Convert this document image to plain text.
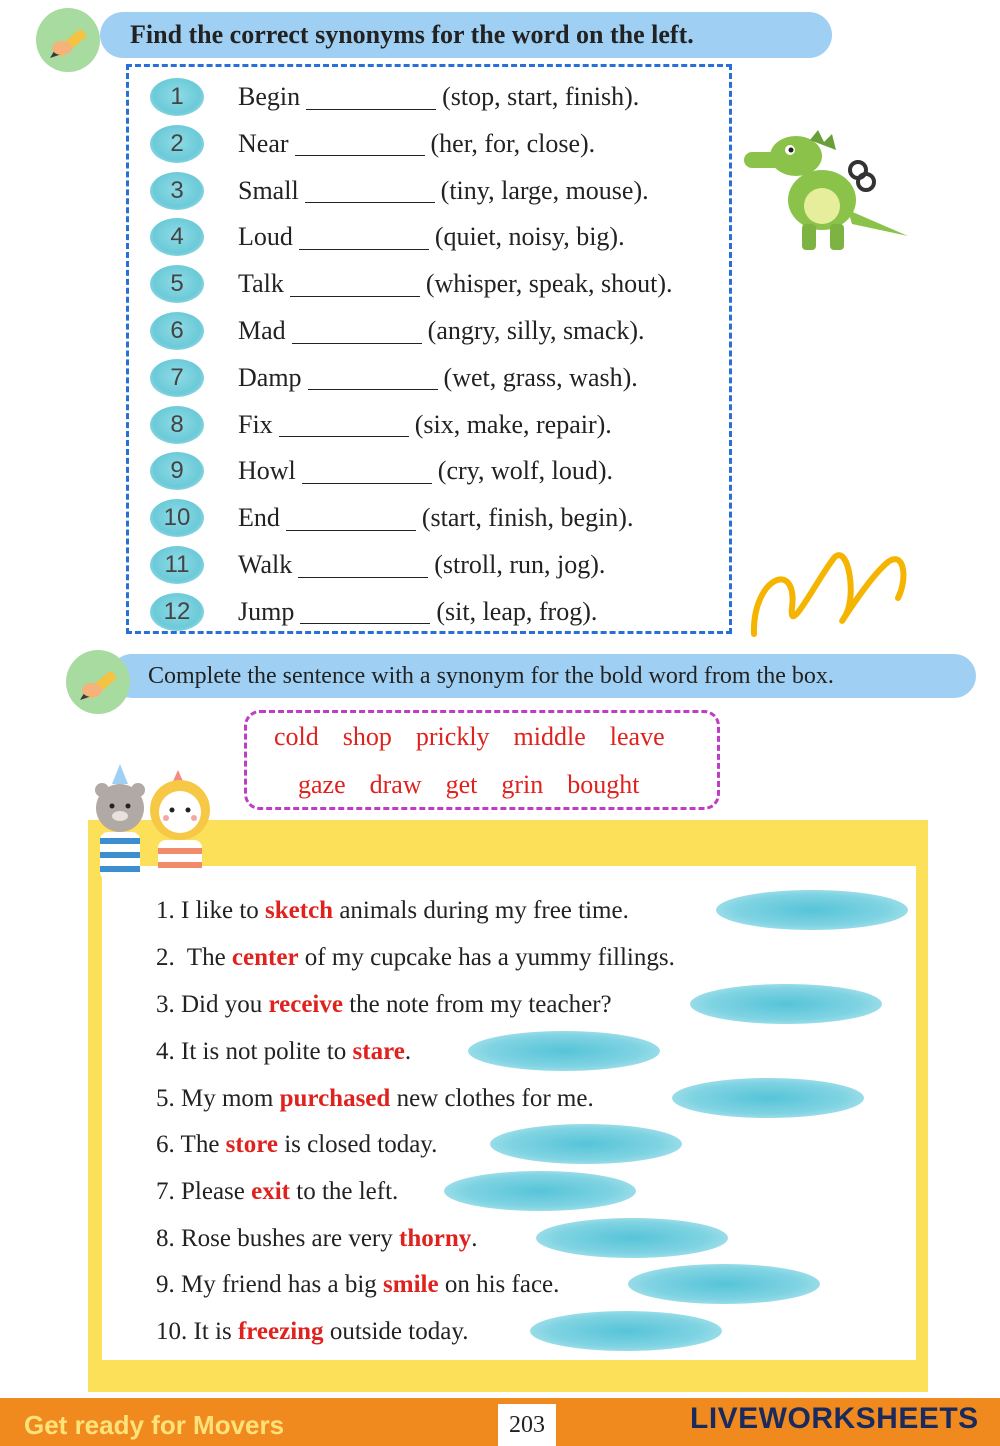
Find the correct synonyms for the word on the left.
1	Begin	(stop, start, finish).
2	Near	(her, for, close).
3	Small	(tiny, large, mouse).
4	Loud	(quiet, noisy, big).
5	Talk	(whisper, speak, shout).
6	Mad	(angry, silly, smack).
7	Damp	(wet, grass, wash).
8	Fix	(six, make, repair).
9	Howl	(cry, wolf, loud).
10	End	(start, finish, begin).
11	Walk	(stroll, run, jog).
12	Jump	(sit, leap, frog).
Complete the sentence with a synonym for the bold word from the box.
cold shop prickly middle leave
gaze draw get grin bought
1. I like to sketch animals during my free time.
2.  The center of my cupcake has a yummy fillings.
3. Did you receive the note from my teacher?
4. It is not polite to stare .
5. My mom purchased new clothes for me.
6. The store is closed today.
7. Please exit to the left.
8. Rose bushes are very thorny .
9. My friend has a big smile on his face.
10. It is freezing outside today.
Get ready for Movers	203	LIVEWORKSHEETS
